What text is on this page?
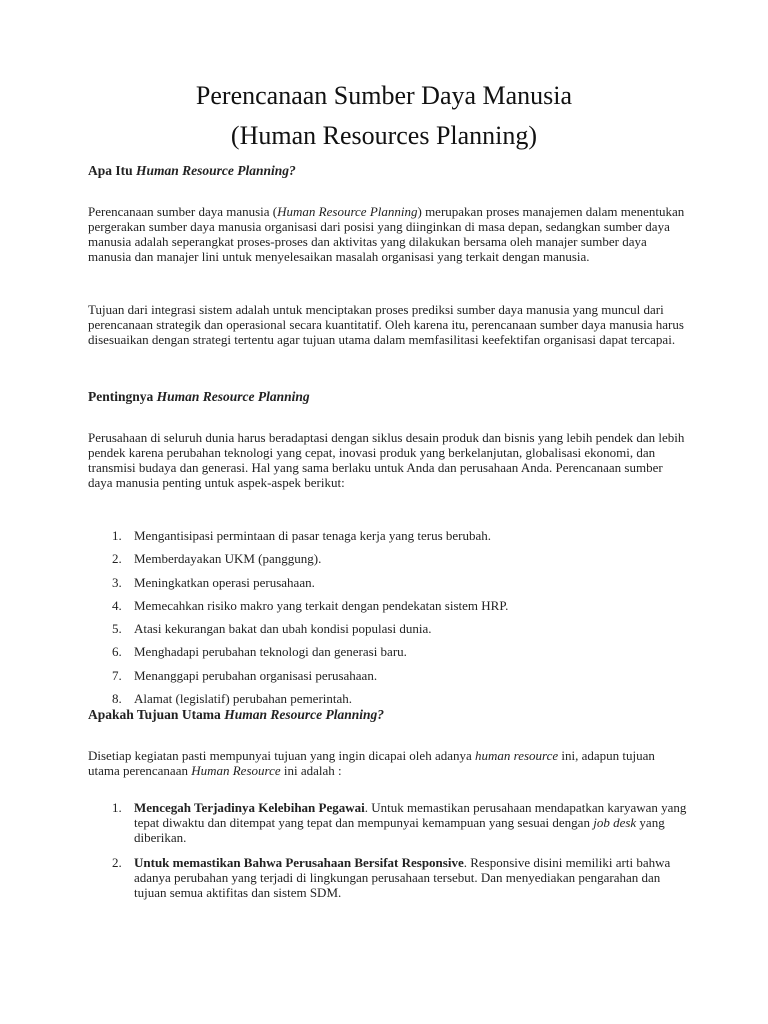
Perencanaan Sumber Daya Manusia
(Human Resources Planning)
Apa Itu Human Resource Planning?

Perencanaan sumber daya manusia (Human Resource Planning) merupakan proses manajemen dalam menentukan pergerakan sumber daya manusia organisasi dari posisi yang diinginkan di masa depan, sedangkan sumber daya manusia adalah seperangkat proses-proses dan aktivitas yang dilakukan bersama oleh manajer sumber daya manusia dan manajer lini untuk menyelesaikan masalah organisasi yang terkait dengan manusia.

Tujuan dari integrasi sistem adalah untuk menciptakan proses prediksi sumber daya manusia yang muncul dari perencanaan strategik dan operasional secara kuantitatif. Oleh karena itu, perencanaan sumber daya manusia harus disesuaikan dengan strategi tertentu agar tujuan utama dalam memfasilitasi keefektifan organisasi dapat tercapai.

Pentingnya Human Resource Planning

Perusahaan di seluruh dunia harus beradaptasi dengan siklus desain produk dan bisnis yang lebih pendek dan lebih pendek karena perubahan teknologi yang cepat, inovasi produk yang berkelanjutan, globalisasi ekonomi, dan transmisi budaya dan generasi. Hal yang sama berlaku untuk Anda dan perusahaan Anda. Perencanaan sumber daya manusia penting untuk aspek-aspek berikut:

1. Mengantisipasi permintaan di pasar tenaga kerja yang terus berubah.
2. Memberdayakan UKM (panggung).
3. Meningkatkan operasi perusahaan.
4. Memecahkan risiko makro yang terkait dengan pendekatan sistem HRP.
5. Atasi kekurangan bakat dan ubah kondisi populasi dunia.
6. Menghadapi perubahan teknologi dan generasi baru.
7. Menanggapi perubahan organisasi perusahaan.
8. Alamat (legislatif) perubahan pemerintah.
Apakah Tujuan Utama Human Resource Planning?

Disetiap kegiatan pasti mempunyai tujuan yang ingin dicapai oleh adanya human resource ini, adapun tujuan utama perencanaan Human Resource ini adalah :

1. Mencegah Terjadinya Kelebihan Pegawai. Untuk memastikan perusahaan mendapatkan karyawan yang tepat diwaktu dan ditempat yang tepat dan mempunyai kemampuan yang sesuai dengan job desk yang diberikan.
2. Untuk memastikan Bahwa Perusahaan Bersifat Responsive. Responsive disini memiliki arti bahwa adanya perubahan yang terjadi di lingkungan perusahaan tersebut. Dan menyediakan pengarahan dan tujuan semua aktifitas dan sistem SDM.
